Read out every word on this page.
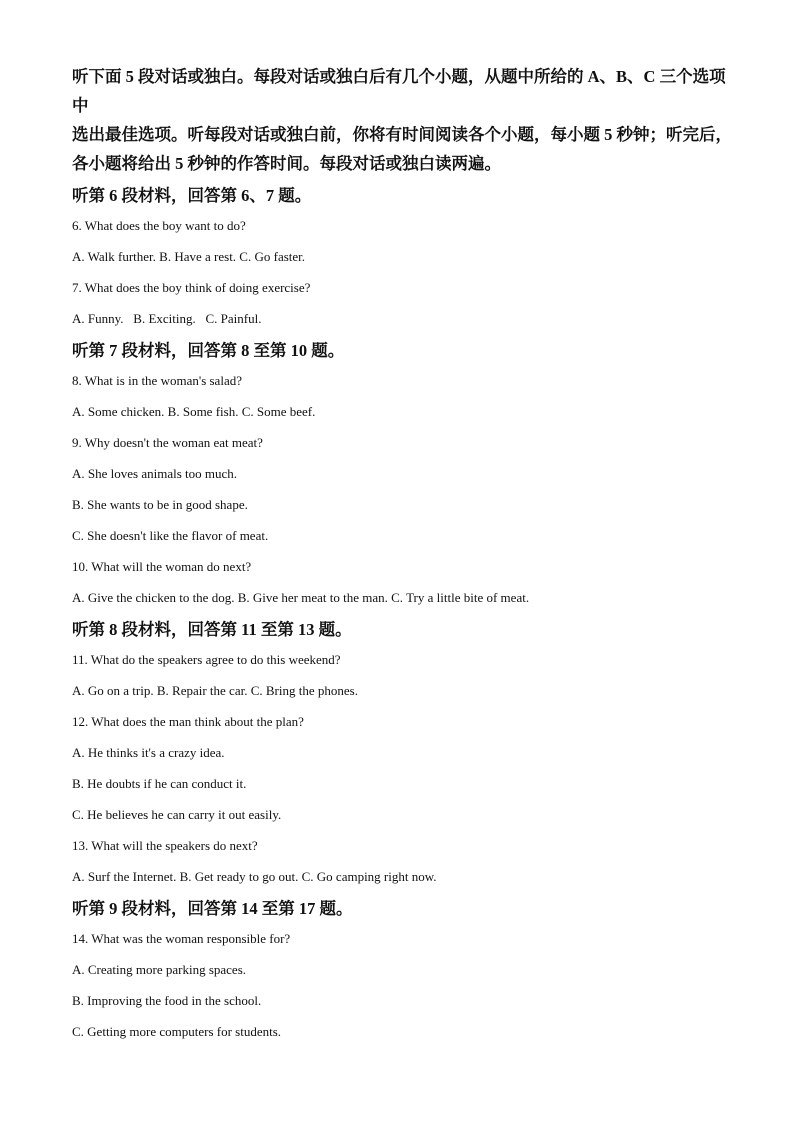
听下面 5 段对话或独白。每段对话或独白后有几个小题，从题中所给的 A、B、C 三个选项中

选出最佳选项。听每段对话或独白前，你将有时间阅读各个小题，每小题 5 秒钟；听完后，

各小题将给出 5 秒钟的作答时间。每段对话或独白读两遍。

听第 6 段材料，回答第 6、7 题。

6. What does the boy want to do?

A. Walk further. B. Have a rest. C. Go faster.

7. What does the boy think of doing exercise?

A. Funny.   B. Exciting.   C. Painful.

听第 7 段材料，回答第 8 至第 10 题。

8. What is in the woman's salad?

A. Some chicken. B. Some fish. C. Some beef.

9. Why doesn't the woman eat meat?

A. She loves animals too much.

B. She wants to be in good shape.

C. She doesn't like the flavor of meat.

10. What will the woman do next?

A. Give the chicken to the dog. B. Give her meat to the man. C. Try a little bite of meat.

听第 8 段材料，回答第 11 至第 13 题。

11. What do the speakers agree to do this weekend?

A. Go on a trip. B. Repair the car. C. Bring the phones.

12. What does the man think about the plan?

A. He thinks it's a crazy idea.

B. He doubts if he can conduct it.

C. He believes he can carry it out easily.

13. What will the speakers do next?

A. Surf the Internet. B. Get ready to go out. C. Go camping right now.

听第 9 段材料，回答第 14 至第 17 题。

14. What was the woman responsible for?

A. Creating more parking spaces.

B. Improving the food in the school.

C. Getting more computers for students.
